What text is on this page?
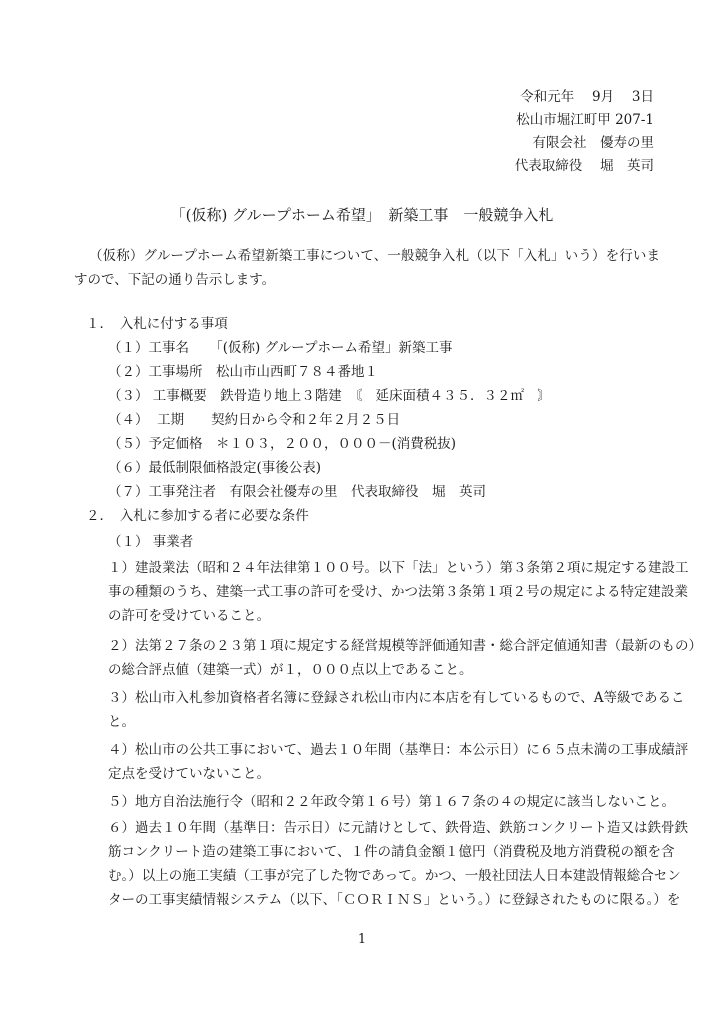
令和元年　 9月　 3日
松山市堀江町甲 207-1
有限会社　優寿の里
代表取締役　 堀　英司
「(仮称) グループホーム希望」　新築工事　一般競争入札
（仮称）グループホーム希望新築工事について、一般競争入札（以下「入札」いう）を行いますので、下記の通り告示します。
１．　入札に付する事項
（１）工事名　　「(仮称) グループホーム希望」新築工事
（２）工事場所　松山市山西町７８４番地１
（３） 工事概要　鉄骨造り地上３階建　〘　延床面積４３５．３２㎡　〙
（４）  工期　　契約日から令和２年２月２５日
（５）予定価格　＊１０３，２００，０００－(消費税抜)
（６）最低制限価格設定(事後公表)
（７）工事発注者　有限会社優寿の里　代表取締役　堀　英司
２．　入札に参加する者に必要な条件
（１） 事業者
１）建設業法（昭和２４年法律第１００号。以下「法」という）第３条第２項に規定する建設工
事の種類のうち、建築一式工事の許可を受け、かつ法第３条第１項２号の規定による特定建設業
の許可を受けていること。
２）法第２７条の２３第１項に規定する経営規模等評価通知書・総合評定値通知書（最新のもの）
の総合評点値（建築一式）が１，０００点以上であること。
３）松山市入札参加資格者名簿に登録され松山市内に本店を有しているもので、A等級であるこ
と。
４）松山市の公共工事において、過去１０年間（基準日：本公示日）に６５点未満の工事成績評
定点を受けていないこと。
５）地方自治法施行令（昭和２２年政令第１６号）第１６７条の４の規定に該当しないこと。
６）過去１０年間（基準日：告示日）に元請けとして、鉄骨造、鉄筋コンクリート造又は鉄骨鉄
筋コンクリート造の建築工事において、１件の請負金額１億円（消費税及地方消費税の額を含
む。）以上の施工実績（工事が完了した物であって。かつ、一般社団法人日本建設情報総合セン
ターの工事実績情報システム（以下、「ＣＯＲＩＮＳ」という。）に登録されたものに限る。）を
1
